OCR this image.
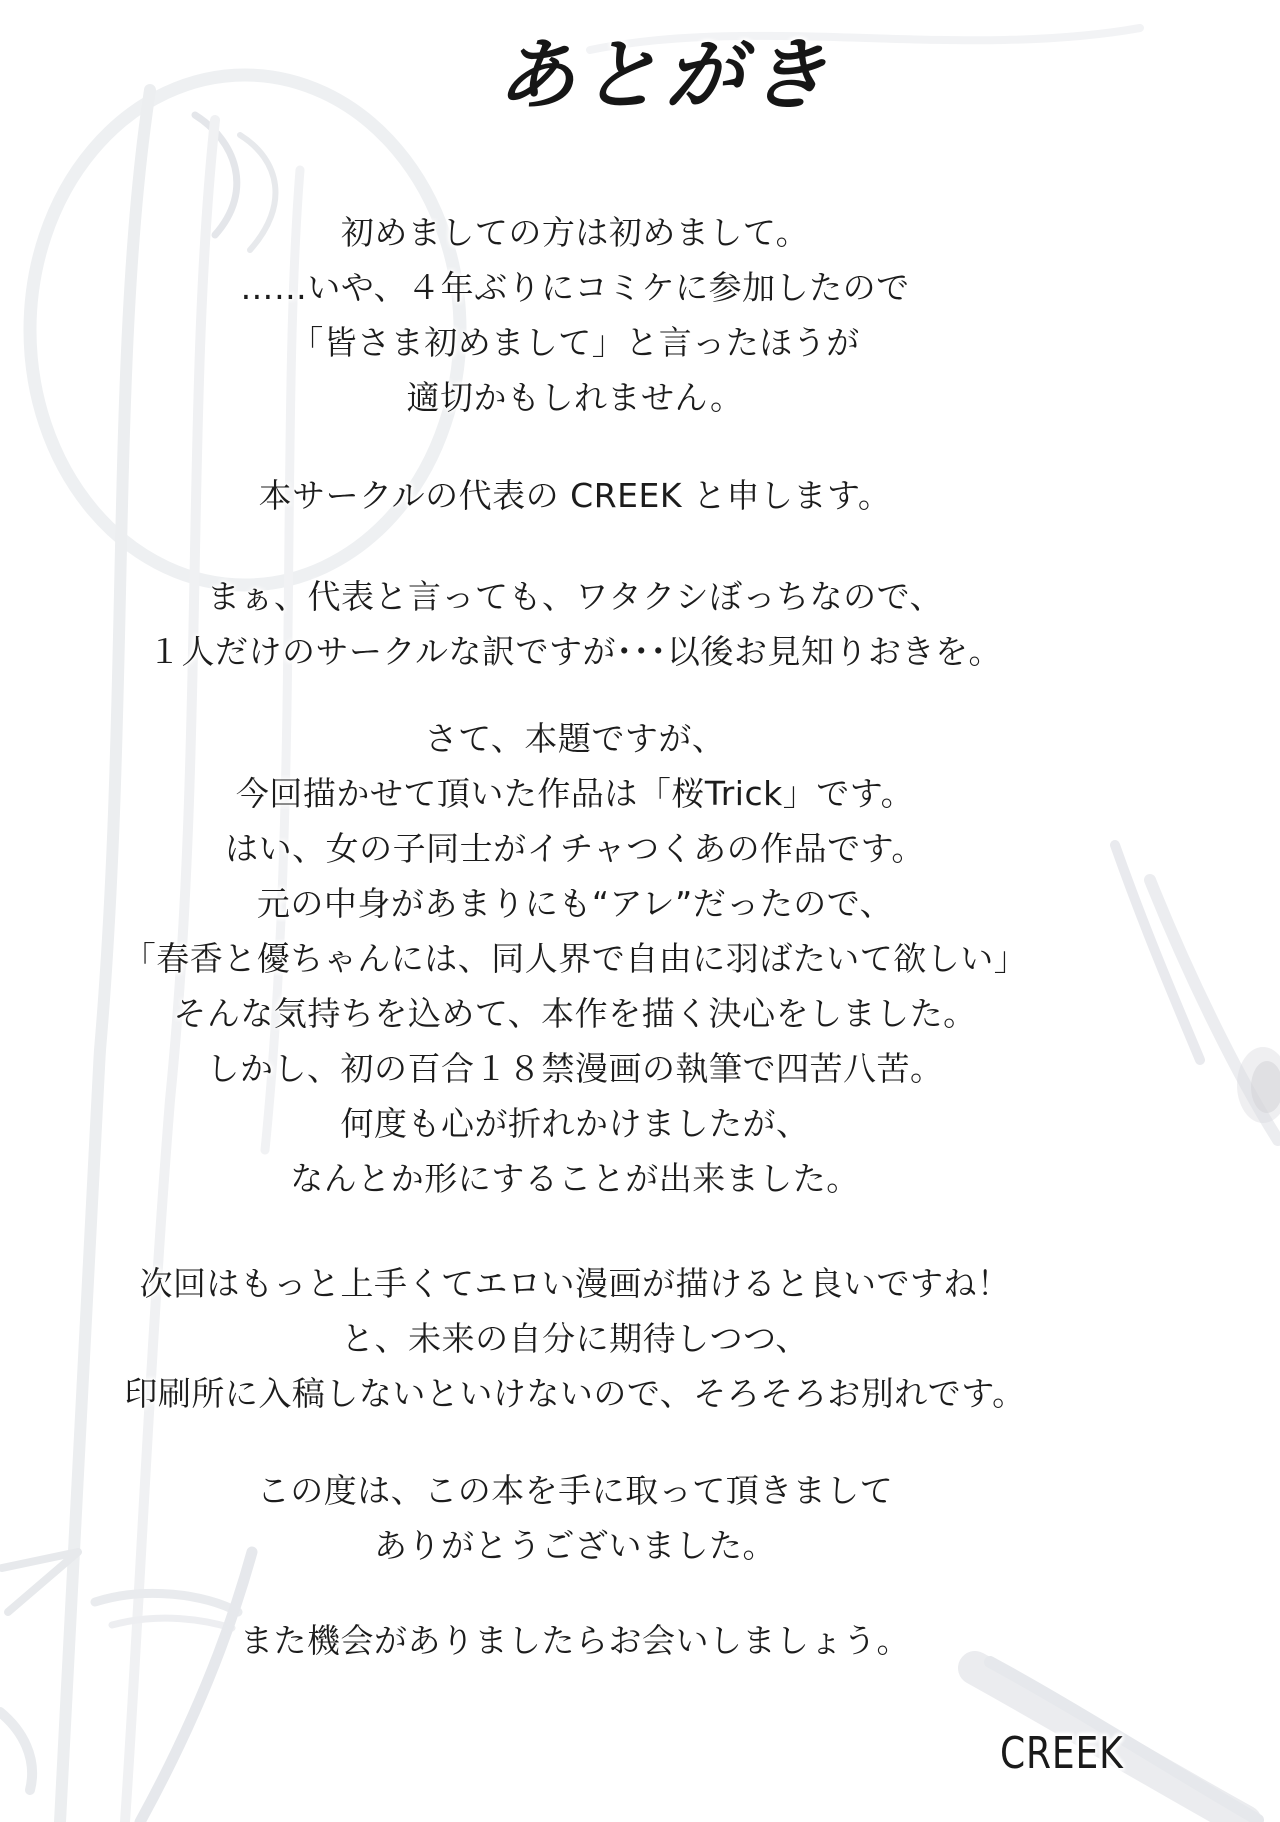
あとがき
初めましての方は初めまして。
……いや、４年ぶりにコミケに参加したので
「皆さま初めまして」と言ったほうが
適切かもしれません。
本サークルの代表の CREEK と申します。
まぁ、代表と言っても、ワタクシぼっちなので、
１人だけのサークルな訳ですが･･･以後お見知りおきを。
さて、本題ですが、
今回描かせて頂いた作品は「桜Trick」です。
はい、女の子同士がイチャつくあの作品です。
元の中身があまりにも“アレ”だったので、
「春香と優ちゃんには、同人界で自由に羽ばたいて欲しい」
そんな気持ちを込めて、本作を描く決心をしました。
しかし、初の百合１８禁漫画の執筆で四苦八苦。
何度も心が折れかけましたが、
なんとか形にすることが出来ました。
次回はもっと上手くてエロい漫画が描けると良いですね！
と、未来の自分に期待しつつ、
印刷所に入稿しないといけないので、そろそろお別れです。
この度は、この本を手に取って頂きまして
ありがとうございました。
また機会がありましたらお会いしましょう。
CREEK
